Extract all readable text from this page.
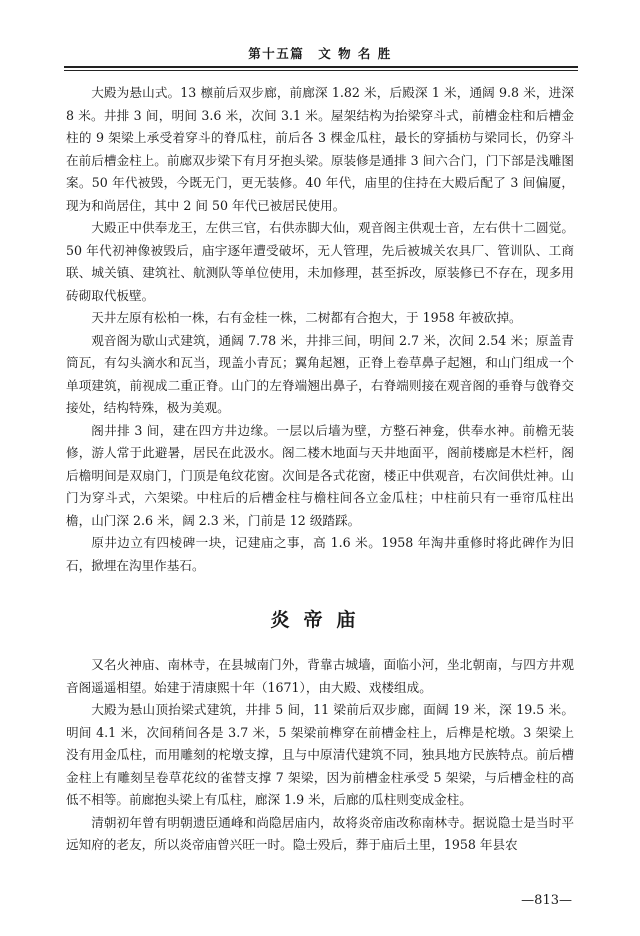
第十五篇　文 物 名 胜

大殿为悬山式。13 檩前后双步廊，前廊深 1.82 米，后殿深 1 米，通阔 9.8 米，进深 8 米。井排 3 间，明间 3.6 米，次间 3.1 米。屋架结构为抬梁穿斗式，前槽金柱和后槽金柱的 9 架梁上承受着穿斗的脊瓜柱，前后各 3 棵金瓜柱，最长的穿插枋与梁同长，仍穿斗在前后槽金柱上。前廊双步梁下有月牙抱头梁。原装修是通排 3 间六合门，门下部是浅雕图案。50 年代被毁，今既无门，更无装修。40 年代，庙里的住持在大殿后配了 3 间偏厦，现为和尚居住，其中 2 间 50 年代已被居民使用。

大殿正中供奉龙王，左供三官，右供赤脚大仙，观音阁主供观士音，左右供十二圆觉。50 年代初神像被毁后，庙宇逐年遭受破坏，无人管理，先后被城关农具厂、管训队、工商联、城关镇、建筑社、航测队等单位使用，未加修理，甚至拆改，原装修已不存在，现多用砖砌取代板壁。

天井左原有松柏一株，右有金桂一株，二树都有合抱大，于 1958 年被砍掉。

观音阁为歇山式建筑，通阔 7.78 米，井排三间，明间 2.7 米，次间 2.54 米；原盖青筒瓦，有勾头滴水和瓦当，现盖小青瓦；翼角起翘，正脊上卷草鼻子起翘，和山门组成一个单项建筑，前视成二重正脊。山门的左脊端翘出鼻子，右脊端则接在观音阁的垂脊与戗脊交接处，结构特殊，极为美观。

阁井排 3 间，建在四方井边缘。一层以后墙为壁，方整石神龛，供奉水神。前檐无装修，游人常于此避暑，居民在此汲水。阁二楼木地面与天井地面平，阁前楼廊是木栏杆，阁后檐明间是双扇门，门顶是龟纹花窗。次间是各式花窗，楼正中供观音，右次间供灶神。山门为穿斗式，六架梁。中柱后的后槽金柱与檐柱间各立金瓜柱；中柱前只有一垂帘瓜柱出檐，山门深 2.6 米，阔 2.3 米，门前是 12 级踏踩。

原井边立有四棱碑一块，记建庙之事，高 1.6 米。1958 年淘井重修时将此碑作为旧石，掀埋在沟里作基石。

炎帝庙

又名火神庙、南林寺，在县城南门外，背靠古城墙，面临小河，坐北朝南，与四方井观音阁遥遥相望。始建于清康熙十年（1671），由大殿、戏楼组成。

大殿为悬山顶抬梁式建筑，井排 5 间，11 梁前后双步廊，面阔 19 米，深 19.5 米。明间 4.1 米，次间稍间各是 3.7 米，5 架梁前榫穿在前槽金柱上，后榫是柁墩。3 架梁上没有用金瓜柱，而用雕刻的柁墩支撑，且与中原清代建筑不同，独具地方民族特点。前后槽金柱上有雕刻呈卷草花纹的雀替支撑 7 架梁，因为前槽金柱承受 5 架梁，与后槽金柱的高低不相等。前廊抱头梁上有瓜柱，廊深 1.9 米，后廊的瓜柱则变成金柱。

清朝初年曾有明朝遗臣通峰和尚隐居庙内，故将炎帝庙改称南林寺。据说隐士是当时平远知府的老友，所以炎帝庙曾兴旺一时。隐士殁后，葬于庙后土里，1958 年县农

—813—
